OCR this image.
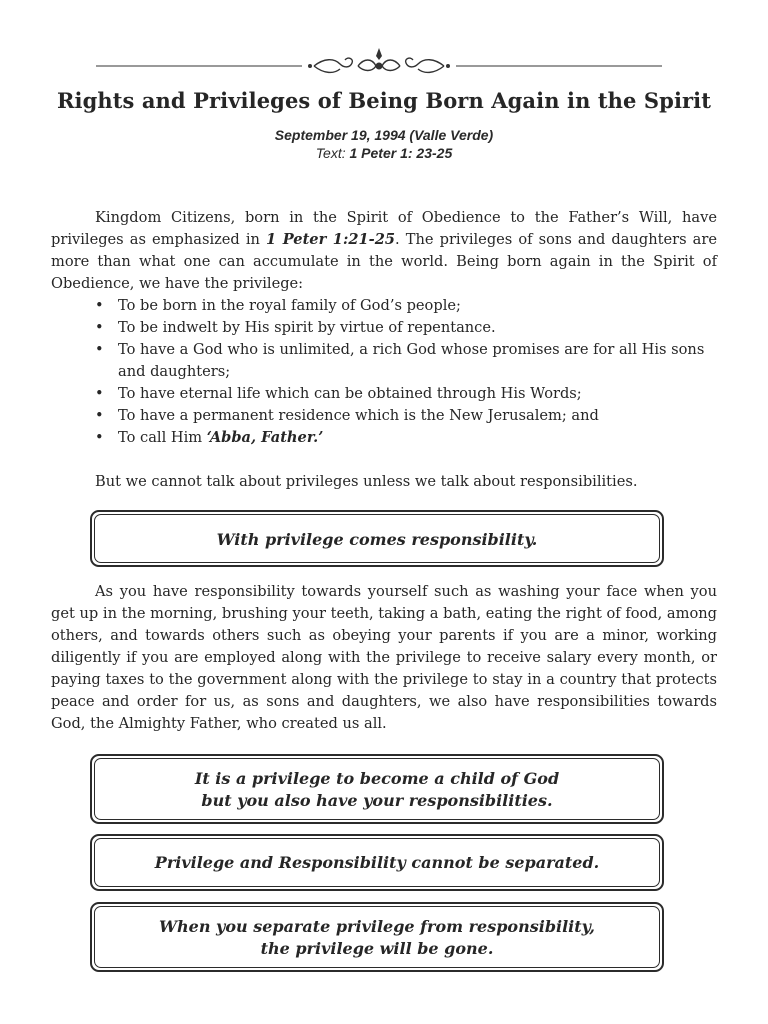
Rights and Privileges of Being Born Again in the Spirit
September 19, 1994 (Valle Verde)
Text: 1 Peter 1: 23-25

Kingdom Citizens, born in the Spirit of Obedience to the Father’s Will, have privileges as emphasized in 1 Peter 1:21-25. The privileges of sons and daughters are more than what one can accumulate in the world. Being born again in the Spirit of Obedience, we have the privilege:

• To be born in the royal family of God’s people;
• To be indwelt by His spirit by virtue of repentance.
• To have a God who is unlimited, a rich God whose promises are for all His sons and daughters;
• To have eternal life which can be obtained through His Words;
• To have a permanent residence which is the New Jerusalem; and
• To call Him ‘Abba, Father.’

But we cannot talk about privileges unless we talk about responsibilities.

With privilege comes responsibility.

As you have responsibility towards yourself such as washing your face when you get up in the morning, brushing your teeth, taking a bath, eating the right of food, among others, and towards others such as obeying your parents if you are a minor, working diligently if you are employed along with the privilege to receive salary every month, or paying taxes to the government along with the privilege to stay in a country that protects peace and order for us, as sons and daughters, we also have responsibilities towards God, the Almighty Father, who created us all.

It is a privilege to become a child of God
but you also have your responsibilities.
Privilege and Responsibility cannot be separated.
When you separate privilege from responsibility,
the privilege will be gone.
